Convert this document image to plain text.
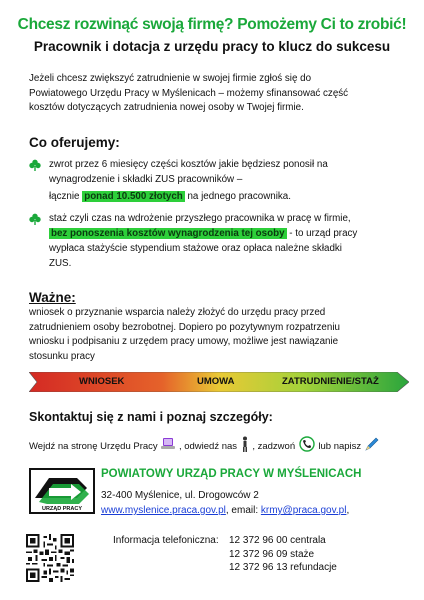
Chcesz rozwinąć swoją firmę? Pomożemy Ci to zrobić!
Pracownik i dotacja z urzędu pracy to klucz do sukcesu
Jeżeli chcesz zwiększyć zatrudnienie w swojej firmie zgłoś się do
Powiatowego Urzędu Pracy w Myślenicach – możemy sfinansować część
kosztów dotyczących zatrudnienia nowej osoby w Twojej firmie.
Co oferujemy:
zwrot przez 6 miesięcy części kosztów jakie będziesz ponosił na
wynagrodzenie i składki ZUS pracowników –
łącznie ponad 10.500 złotych na jednego pracownika.
staż czyli czas na wdrożenie przyszłego pracownika w pracę w firmie,
bez ponoszenia kosztów wynagrodzenia tej osoby - to urząd pracy
wypłaca stażyście stypendium stażowe oraz opłaca należne składki
ZUS.
Ważne:
wniosek o przyznanie wsparcia należy złożyć do urzędu pracy przed
zatrudnieniem osoby bezrobotnej. Dopiero po pozytywnym rozpatrzeniu
wniosku i podpisaniu z urzędem pracy umowy, możliwe jest nawiązanie
stosunku pracy
WNIOSEK	UMOWA	ZATRUDNIENIE/STAŻ
Skontaktuj się z nami i poznaj szczegóły:
Wejdź na stronę Urzędu Pracy , odwiedź nas , zadzwoń lub napisz
URZĄD PRACY
POWIATOWY URZĄD PRACY W MYŚLENICACH
32-400 Myślenice, ul. Drogowców 2
www.myslenice.praca.gov.pl, email: krmy@praca.gov.pl,
Informacja telefoniczna: 12 372 96 00 centrala
12 372 96 09 staże
12 372 96 13 refundacje
